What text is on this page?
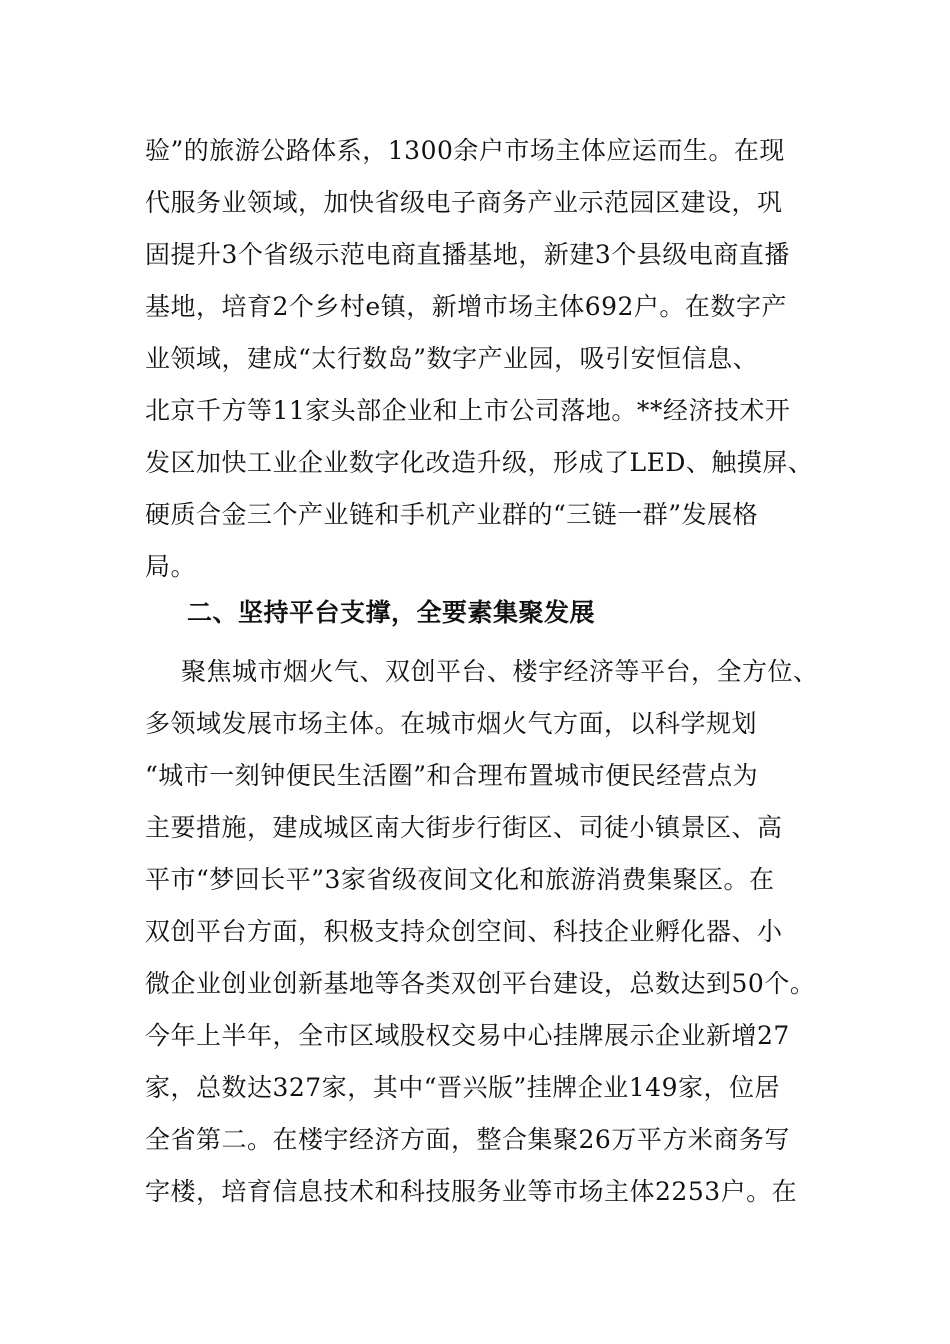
验”的旅游公路体系，1300余户市场主体应运而生。在现
代服务业领域，加快省级电子商务产业示范园区建设，巩
固提升3个省级示范电商直播基地，新建3个县级电商直播
基地，培育2个乡村e镇，新增市场主体692户。在数字产
业领域，建成“太行数岛”数字产业园，吸引安恒信息、
北京千方等11家头部企业和上市公司落地。**经济技术开
发区加快工业企业数字化改造升级，形成了LED、触摸屏、
硬质合金三个产业链和手机产业群的“三链一群”发展格
局。
二、坚持平台支撑，全要素集聚发展
聚焦城市烟火气、双创平台、楼宇经济等平台，全方位、
多领域发展市场主体。在城市烟火气方面，以科学规划
“城市一刻钟便民生活圈”和合理布置城市便民经营点为
主要措施，建成城区南大街步行街区、司徒小镇景区、高
平市“梦回长平”3家省级夜间文化和旅游消费集聚区。在
双创平台方面，积极支持众创空间、科技企业孵化器、小
微企业创业创新基地等各类双创平台建设，总数达到50个。
今年上半年，全市区域股权交易中心挂牌展示企业新增27
家，总数达327家，其中“晋兴版”挂牌企业149家，位居
全省第二。在楼宇经济方面，整合集聚26万平方米商务写
字楼，培育信息技术和科技服务业等市场主体2253户。在
